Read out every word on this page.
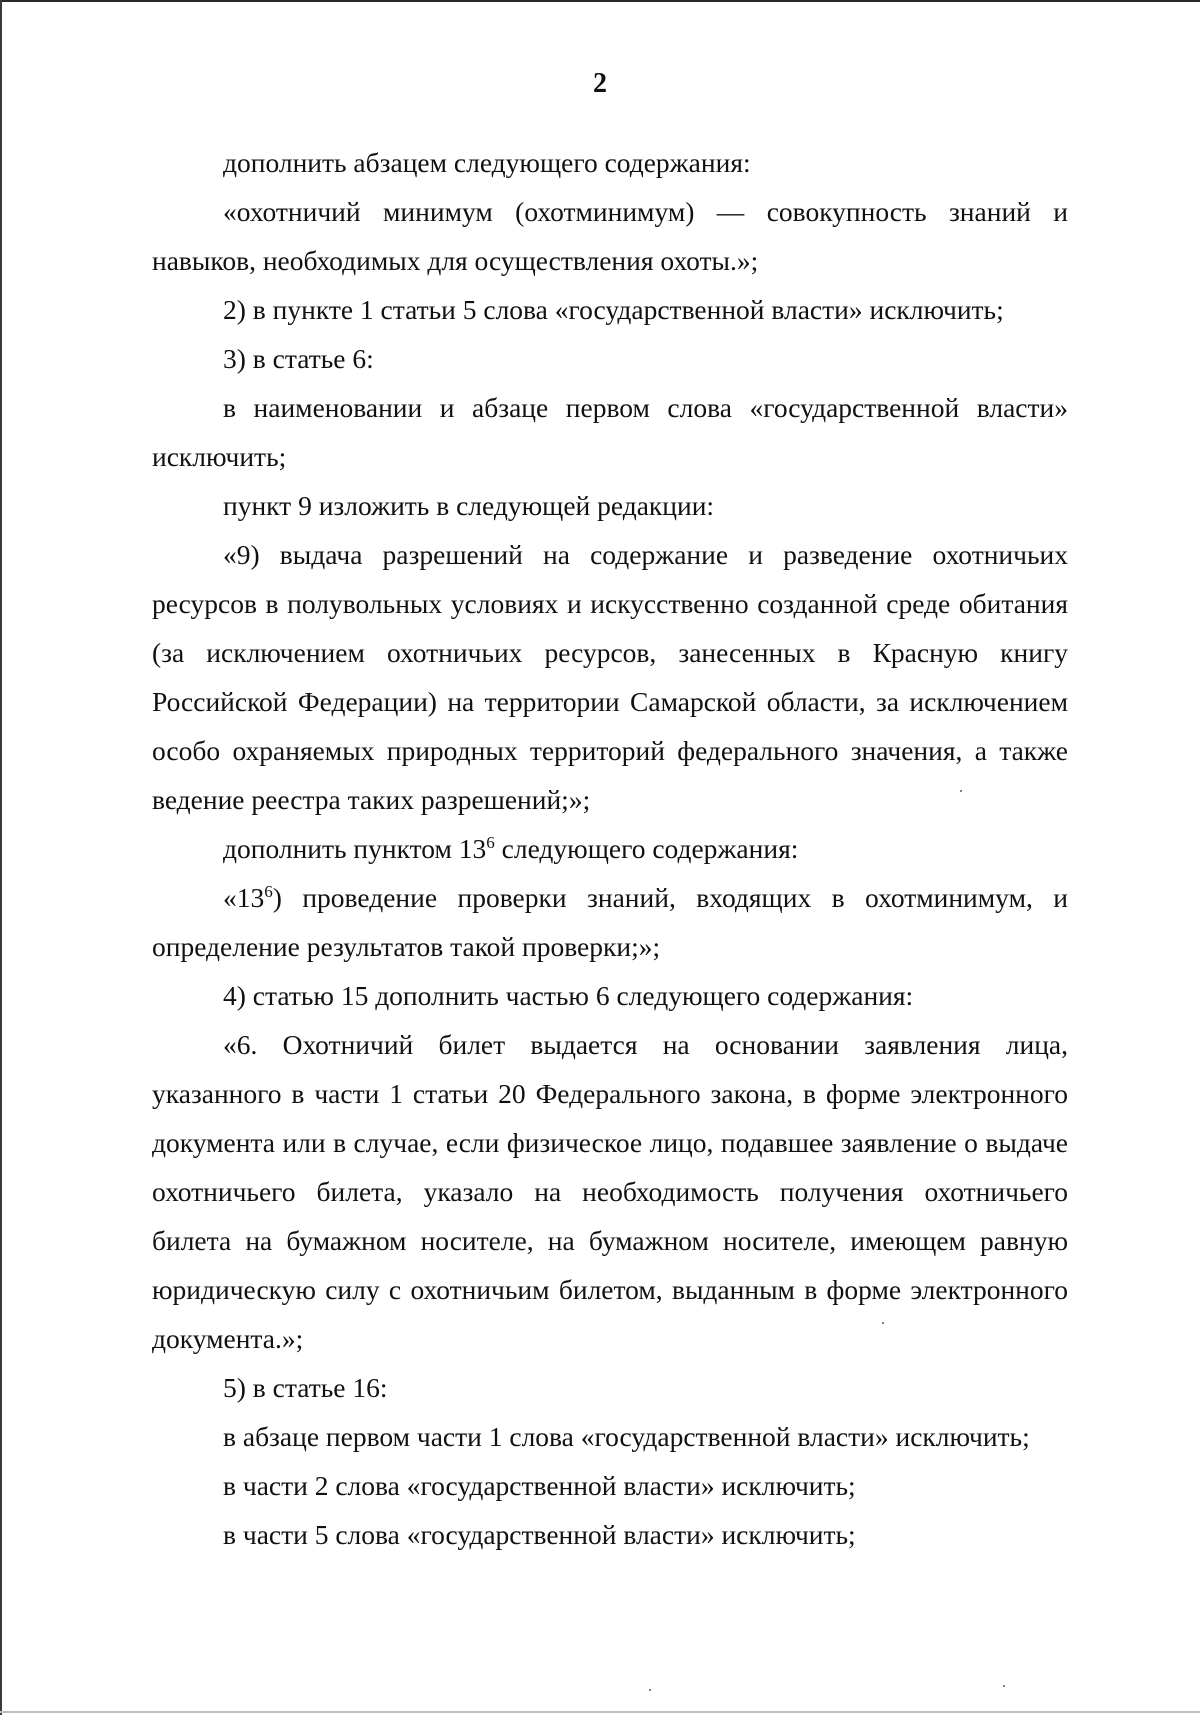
2

дополнить абзацем следующего содержания:

«охотничий минимум (охотминимум) — совокупность знаний и навыков, необходимых для осуществления охоты.»;

2) в пункте 1 статьи 5 слова «государственной власти» исключить;

3) в статье 6:

в наименовании и абзаце первом слова «государственной власти» исключить;

пункт 9 изложить в следующей редакции:

«9) выдача разрешений на содержание и разведение охотничьих ресурсов в полувольных условиях и искусственно созданной среде обитания (за исключением охотничьих ресурсов, занесенных в Красную книгу Российской Федерации) на территории Самарской области, за исключением особо охраняемых природных территорий федерального значения, а также ведение реестра таких разрешений;»;

дополнить пунктом $13^6$ следующего содержания:

«$13^6$) проведение проверки знаний, входящих в охотминимум, и определение результатов такой проверки;»;

4) статью 15 дополнить частью 6 следующего содержания:

«6. Охотничий билет выдается на основании заявления лица, указанного в части 1 статьи 20 Федерального закона, в форме электронного документа или в случае, если физическое лицо, подавшее заявление о выдаче охотничьего билета, указало на необходимость получения охотничьего билета на бумажном носителе, на бумажном носителе, имеющем равную юридическую силу с охотничьим билетом, выданным в форме электронного документа.»;

5) в статье 16:

в абзаце первом части 1 слова «государственной власти» исключить;

в части 2 слова «государственной власти» исключить;

в части 5 слова «государственной власти» исключить;
